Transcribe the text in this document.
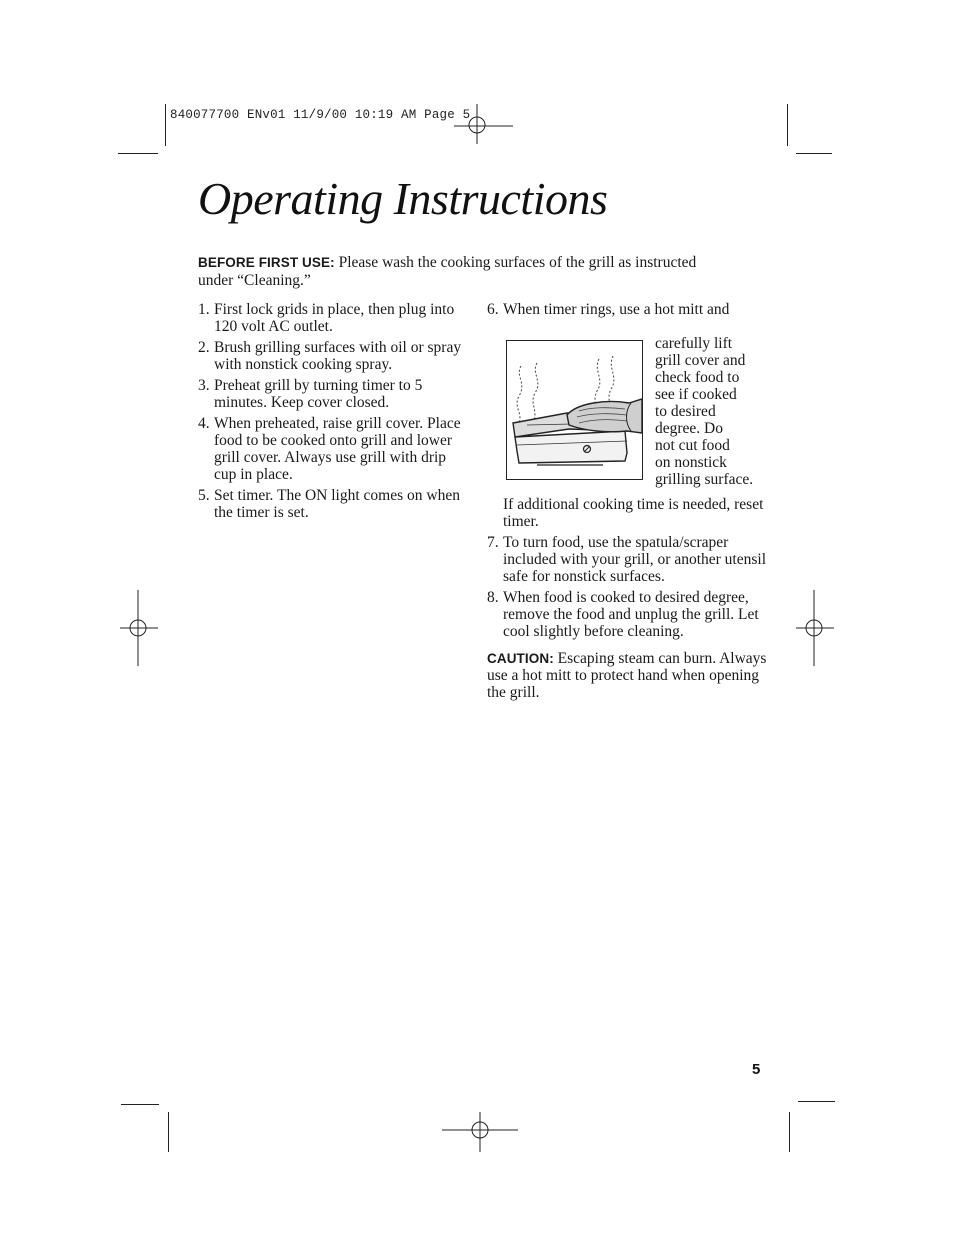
840077700 ENv01 11/9/00 10:19 AM Page 5
Operating Instructions
BEFORE FIRST USE: Please wash the cooking surfaces of the grill as instructed under “Cleaning.”
1. First lock grids in place, then plug into 120 volt AC outlet.
2. Brush grilling surfaces with oil or spray with nonstick cooking spray.
3. Preheat grill by turning timer to 5 minutes. Keep cover closed.
4. When preheated, raise grill cover. Place food to be cooked onto grill and lower grill cover. Always use grill with drip cup in place.
5. Set timer. The ON light comes on when the timer is set.
6. When timer rings, use a hot mitt and
carefully lift
grill cover and
check food to
see if cooked
to desired
degree. Do
not cut food
on nonstick
grilling surface.
If additional cooking time is needed, reset timer.
7. To turn food, use the spatula/scraper included with your grill, or another utensil safe for nonstick surfaces.
8. When food is cooked to desired degree, remove the food and unplug the grill. Let cool slightly before cleaning.
CAUTION: Escaping steam can burn. Always use a hot mitt to protect hand when opening the grill.
5
